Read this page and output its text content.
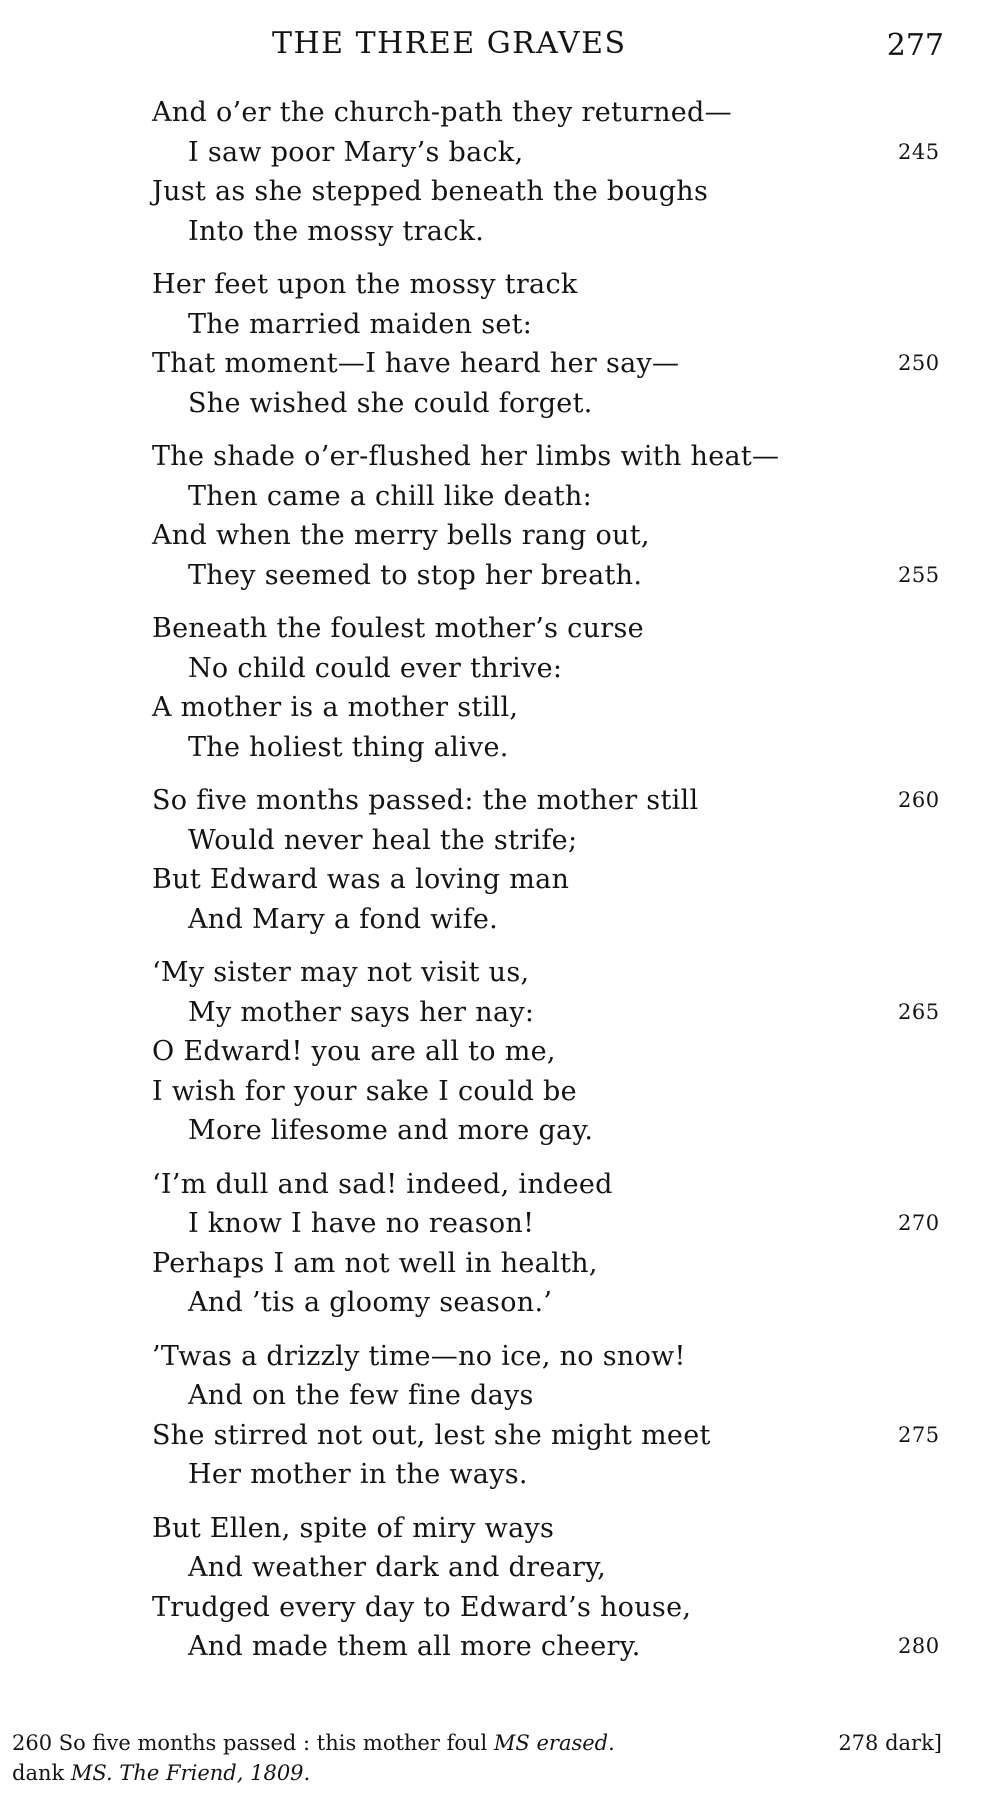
THE THREE GRAVES	277
And o’er the church-path they returned—
I saw poor Mary’s back,	245
Just as she stepped beneath the boughs
Into the mossy track.
Her feet upon the mossy track
The married maiden set:
That moment—I have heard her say—	250
She wished she could forget.
The shade o’er-flushed her limbs with heat—
Then came a chill like death:
And when the merry bells rang out,
They seemed to stop her breath.	255
Beneath the foulest mother’s curse
No child could ever thrive:
A mother is a mother still,
The holiest thing alive.
So five months passed: the mother still	260
Would never heal the strife;
But Edward was a loving man
And Mary a fond wife.
‘My sister may not visit us,
My mother says her nay:	265
O Edward! you are all to me,
I wish for your sake I could be
More lifesome and more gay.
‘I’m dull and sad! indeed, indeed
I know I have no reason!	270
Perhaps I am not well in health,
And ’tis a gloomy season.’
’Twas a drizzly time—no ice, no snow!
And on the few fine days
She stirred not out, lest she might meet	275
Her mother in the ways.
But Ellen, spite of miry ways
And weather dark and dreary,
Trudged every day to Edward’s house,
And made them all more cheery.	280
260 So five months passed : this mother foul MS erased.	278 dark]
dank MS. The Friend, 1809.
